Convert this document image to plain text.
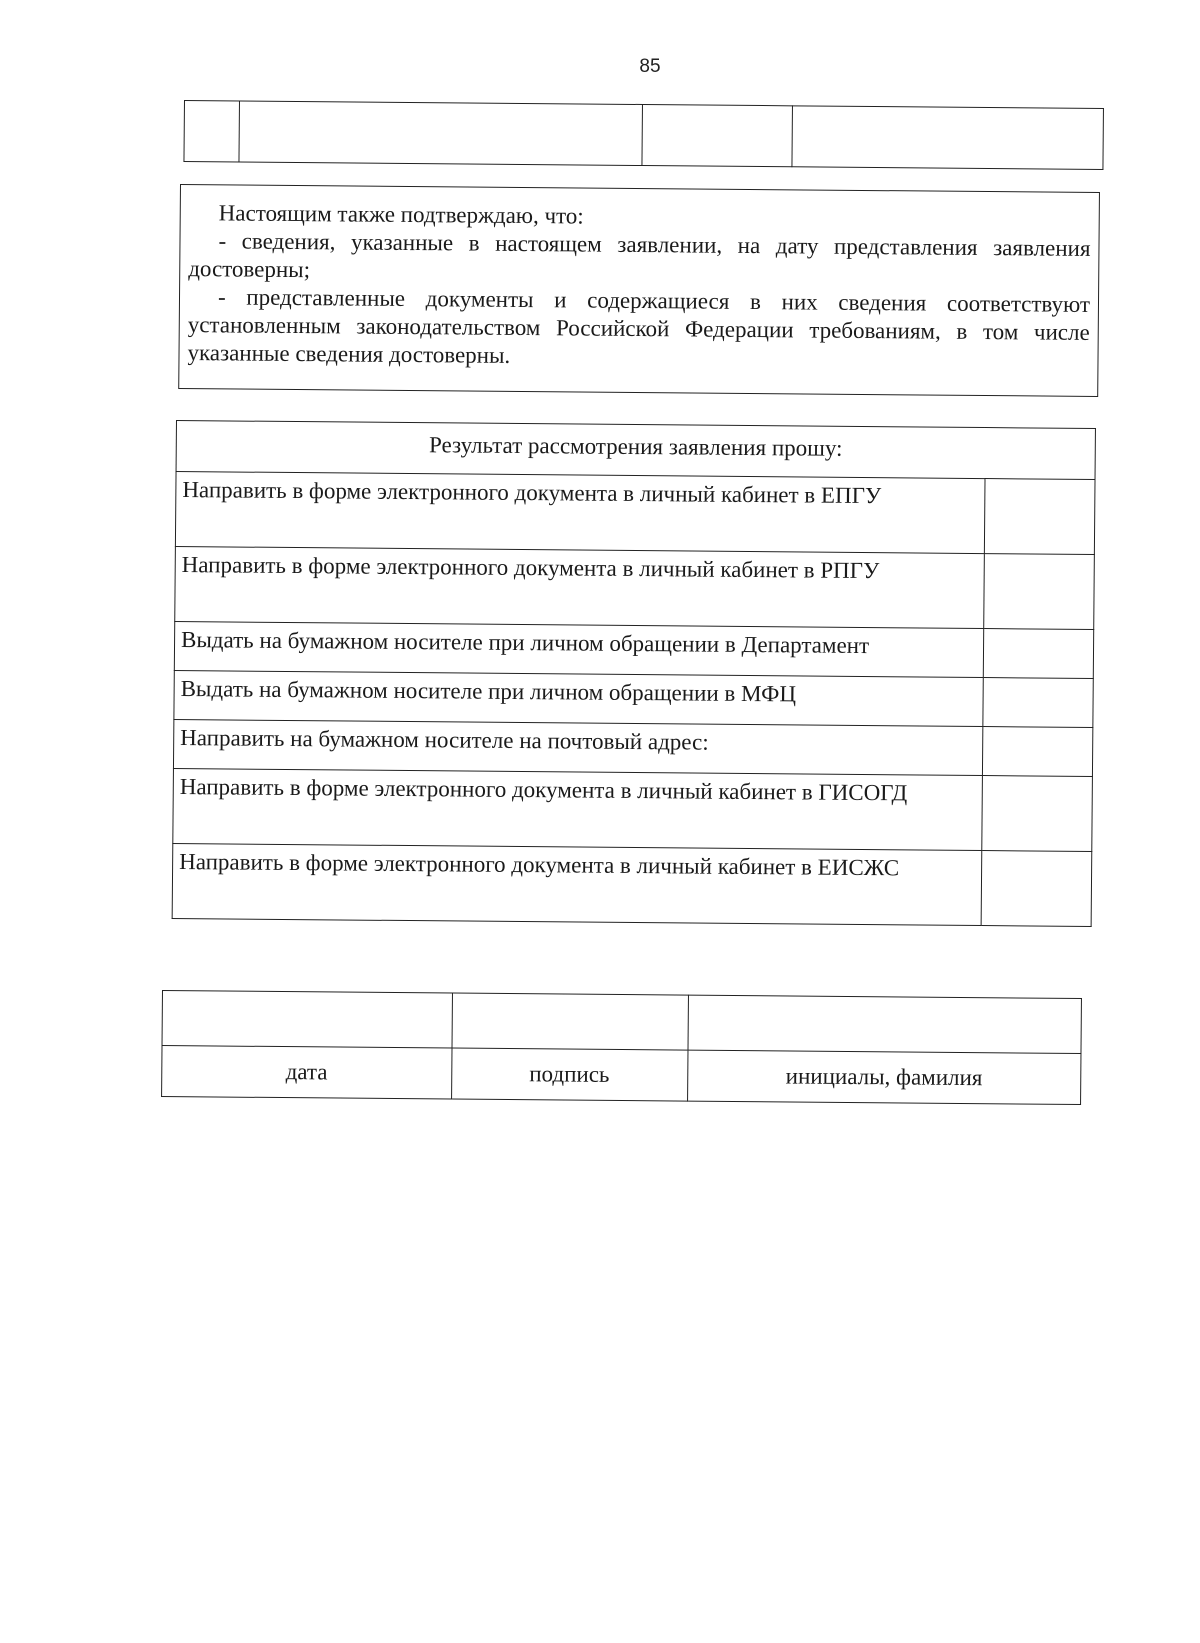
85

Настоящим также подтверждаю, что:

- сведения, указанные в настоящем заявлении, на дату представления заявления достоверны;

- представленные документы и содержащиеся в них сведения соответствуют установленным законодательством Российской Федерации требованиям, в том числе указанные сведения достоверны.

Результат рассмотрения заявления прошу:	
Направить в форме электронного документа в личный кабинет в ЕПГУ	
Направить в форме электронного документа в личный кабинет в РПГУ	
Выдать на бумажном носителе при личном обращении в Департамент	
Выдать на бумажном носителе при личном обращении в МФЦ	
Направить на бумажном носителе на почтовый адрес:	
Направить в форме электронного документа в личный кабинет в ГИСОГД	
Направить в форме электронного документа в личный кабинет в ЕИСЖС	

дата	подпись	инициалы, фамилия
